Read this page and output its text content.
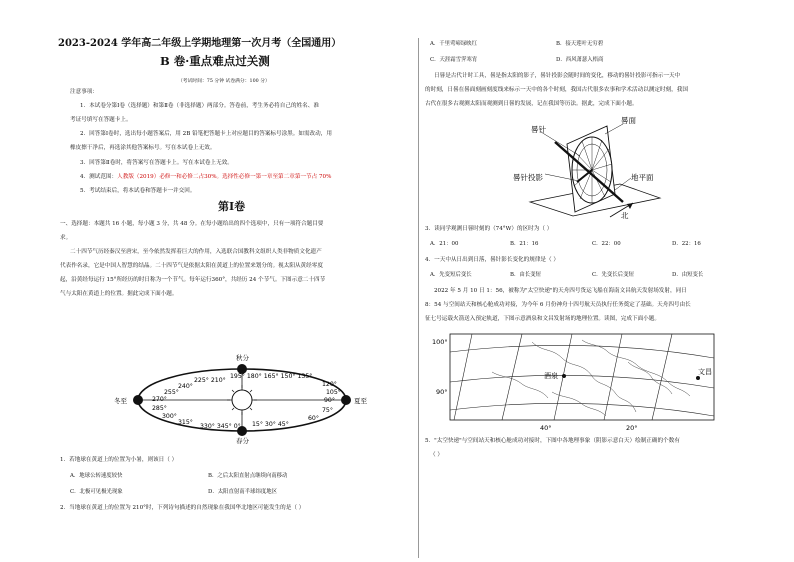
2023-2024 学年高二年级上学期地理第一次月考（全国通用）
B 卷·重点难点过关测
（考试时间：75 分钟 试卷满分：100 分）
注意事项：
1．本试卷分第Ⅰ卷（选择题）和第Ⅱ卷（非选择题）两部分。答卷前，考生务必将自己的姓名、准
考证号填写在答题卡上。
2．回答第Ⅰ卷时，选出每小题答案后，用 2B 铅笔把答题卡上对应题目的答案标号涂黑。如需改动，用
橡皮擦干净后，再选涂其他答案标号。写在本试卷上无效。
3．回答第Ⅱ卷时，将答案写在答题卡上。写在本试卷上无效。
4．测试范围：人教版（2019）必修一和必修二占30%。选择性必修一第一章至第二章第一节占 70%
5．考试结束后，将本试卷和答题卡一并交回。
第Ⅰ卷
一、选择题：本题共 16 小题，每小题 3 分，共 48 分。在每小题给出的四个选项中，只有一项符合题目要
求。
二十四节气历经秦汉至唐宋，至今依然发挥着巨大的作用，入选联合国教科文组织人类非物质文化遗产
代表作名录，它是中国人智慧的结晶。二十四节气是依据太阳在黄道上的位置来划分的。视太阳从黄经零度
起，沿黄经每运行 15°所经历的时日称为一个节气。每年运行360°，共经历 24 个节气。下图示意二十四节
气与太阳在黄道上的位置。据此完成下面小题。
225° 210°
240°
255°
270°
285°
300°
315°
330° 345° 0° 15° 30° 45°
60°
75°
90°
195° 180° 165° 150° 135°
120°
105°
秋分
春分
冬至	夏至
1．若地球在黄道上的位置为小暑，则该日（ ）
A．地球公转速度较快	B．之后太阳直射点继续向南移动
C．北极可见极光现象	D．太阳直射南半球纬度地区
2．当地球在黄道上的位置为 210°时，下列诗句描述的自然现象在我国华北地区可能发生的是（ ）
A．千里莺啼绿映红	B．接天莲叶无穷碧
C．天涯霜雪霁寒宵	D．西风萧瑟入梧商
日晷是古代计时工具，晷是指太阳的影子，晷针投影会随时间的变化，移动的晷针投影可指示一天中
的时刻，日晷在晷面刻画刻度线来标示一天中的各个时刻，我国古代很多农事和学术活动以测定时刻，我国
古代在很多古观测太阳而观测到日晷的发展，记在我国等历法。据此，完成下面小题。
晷面
晷针
晷针投影	地平面
北
3．读同学观测日晷时刻的（74°W）的区时为（ ）
A．21：00	B．21：16	C．22：00	D．22：16
4．一天中从日出到日落，晷针影长变化的规律是（ ）
A．先变短后变长	B．由长变短	C．先变长后变短	D．由短变长
2022 年 5 月 10 日 1：56，被称为"太空快递"的天舟四号货运飞船在海南文昌航天发射场发射，同日
8：54 与空间站天和核心舱成功对接，为今年 6 月份神舟十四号航天员执行任务奠定了基础。天舟四号由长
征七号运载火箭送入预定轨道，下图示意酒泉和文昌发射场的地理位置。读图，完成下面小题。
酒泉	文昌
100°
90°
40°	20°
5．"太空快递"与空间站天和核心舱成功对接时，下图中各地理事象（阴影示意白天）绘制正确的个数有
（ ）
